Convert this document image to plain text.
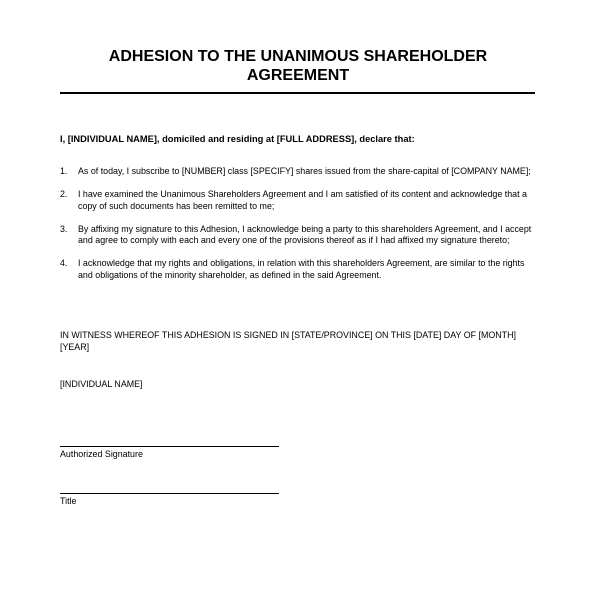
ADHESION TO THE UNANIMOUS SHAREHOLDER AGREEMENT

I, [INDIVIDUAL NAME], domiciled and residing at [FULL ADDRESS], declare that:

1. As of today, I subscribe to [NUMBER] class [SPECIFY] shares issued from the share-capital of [COMPANY NAME];
2. I have examined the Unanimous Shareholders Agreement and I am satisfied of its content and acknowledge that a copy of such documents has been remitted to me;
3. By affixing my signature to this Adhesion, I acknowledge being a party to this shareholders Agreement, and I accept and agree to comply with each and every one of the provisions thereof as if I had affixed my signature thereto;
4. I acknowledge that my rights and obligations, in relation with this shareholders Agreement, are similar to the rights and obligations of the minority shareholder, as defined in the said Agreement.

IN WITNESS WHEREOF THIS ADHESION IS SIGNED IN [STATE/PROVINCE] ON THIS [DATE] DAY OF [MONTH] [YEAR]

[INDIVIDUAL NAME]

Authorized Signature

Title
